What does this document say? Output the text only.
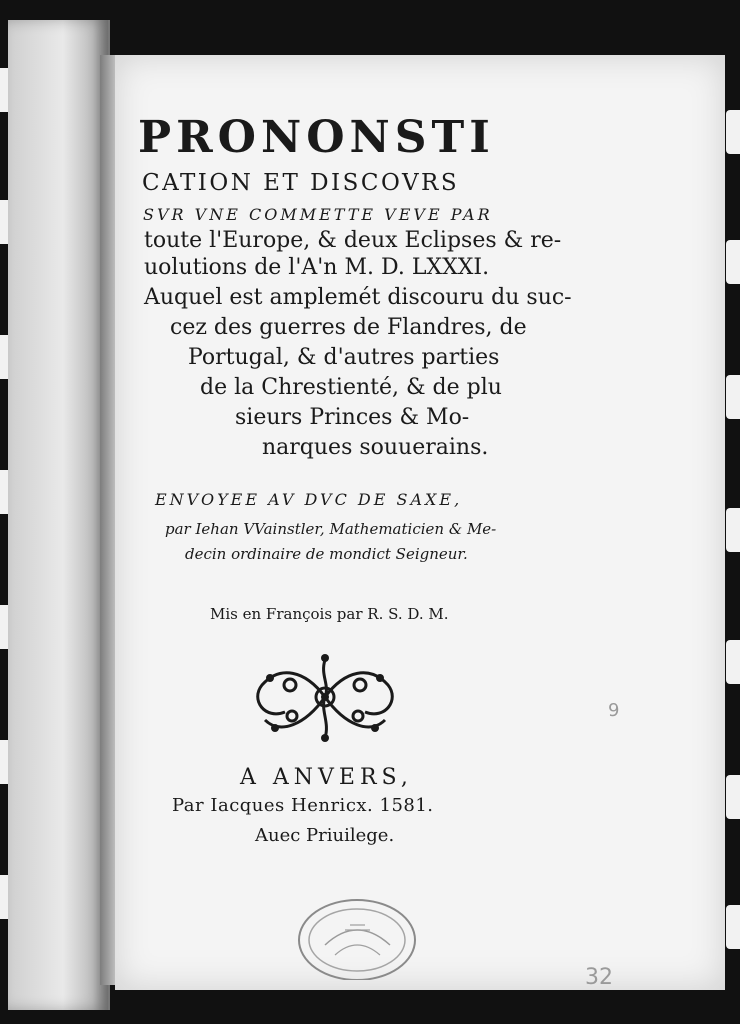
PRONONSTI

CATION ET DISCOVRS

SVR VNE COMMETTE VEVE PAR

toute l'Europe, & deux Eclipses & re-

uolutions de l'A'n M. D. LXXXI.

Auquel est amplemét discouru du suc-

cez des guerres de Flandres, de

Portugal, & d'autres parties

de la Chrestienté, & de plu

sieurs Princes & Mo-

narques souuerains.

ENVOYEE AV DVC DE SAXE,

par Iehan VVainstler, Mathematicien & Me-

decin ordinaire de mondict Seigneur.

Mis en François par R. S. D. M.

A ANVERS,

Par Iacques Henricx. 1581.

Auec Priuilege.

9
32
